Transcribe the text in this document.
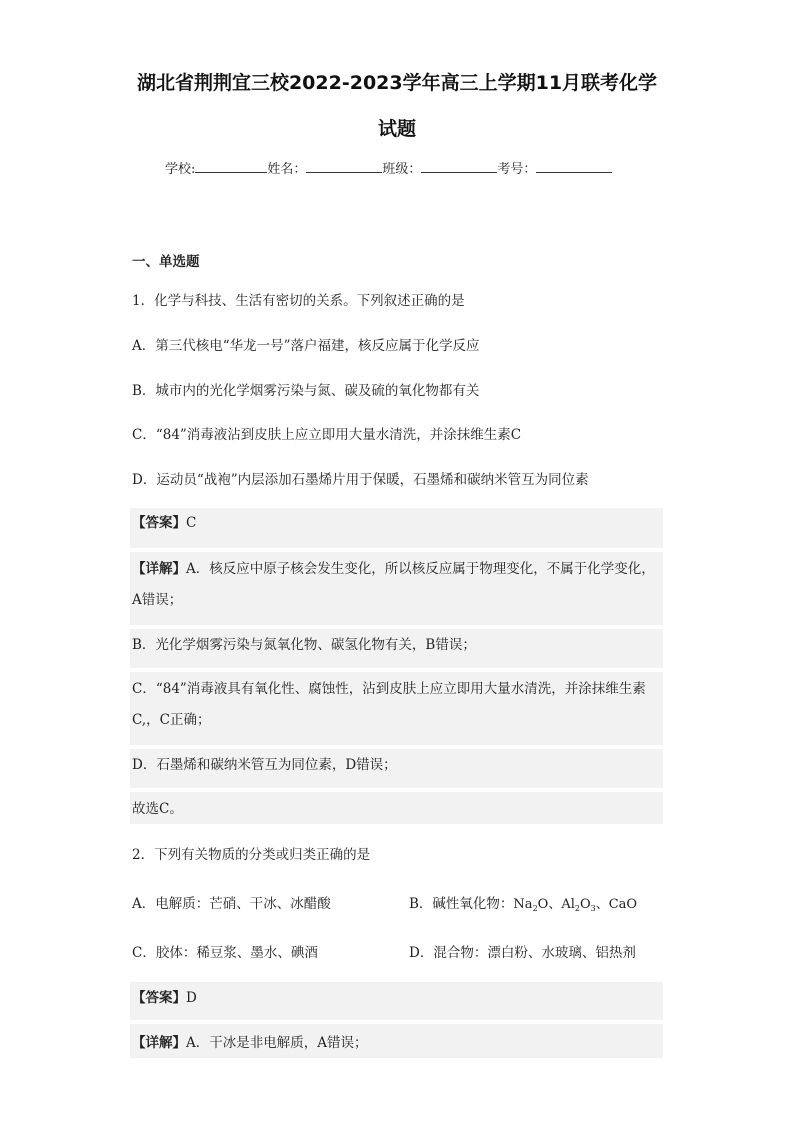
湖北省荆荆宜三校2022-2023学年高三上学期11月联考化学
试题
学校:	姓名：	班级：	考号：
一、单选题
1．化学与科技、生活有密切的关系。下列叙述正确的是
A．第三代核电“华龙一号”落户福建，核反应属于化学反应
B．城市内的光化学烟雾污染与氮、碳及硫的氧化物都有关
C．“84”消毒液沾到皮肤上应立即用大量水清洗，并涂抹维生素C
D．运动员“战袍”内层添加石墨烯片用于保暖，石墨烯和碳纳米管互为同位素
【答案】C
【详解】A．核反应中原子核会发生变化，所以核反应属于物理变化，不属于化学变化，
A错误；
B．光化学烟雾污染与氮氧化物、碳氢化物有关，B错误；
C．“84”消毒液具有氧化性、腐蚀性，沾到皮肤上应立即用大量水清洗，并涂抹维生素
C,，C正确；
D．石墨烯和碳纳米管互为同位素，D错误；
故选C。
2．下列有关物质的分类或归类正确的是
A．电解质：芒硝、干冰、冰醋酸	B．碱性氧化物：$Na_2O$、$Al_2O_3$、CaO
C．胶体：稀豆浆、墨水、碘酒	D．混合物：漂白粉、水玻璃、铝热剂
【答案】D
【详解】A．干冰是非电解质，A错误；
